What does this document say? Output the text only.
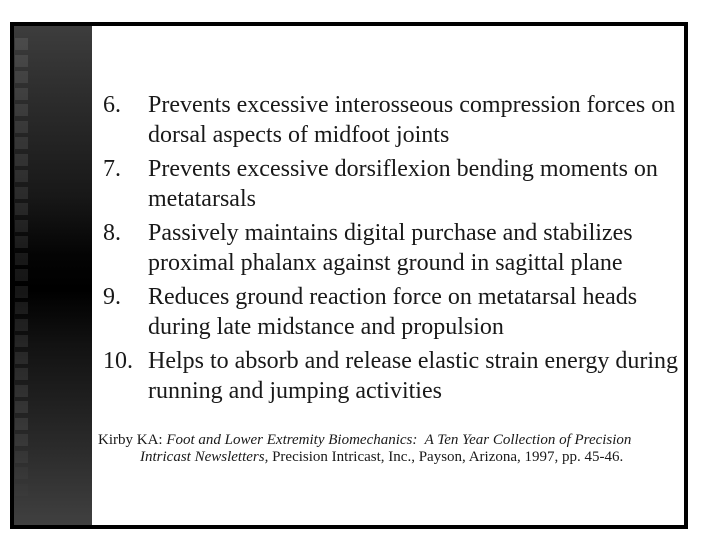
6.	Prevents excessive interosseous compression forces on dorsal aspects of midfoot joints
7.	Prevents excessive dorsiflexion bending moments on metatarsals
8.	Passively maintains digital purchase and stabilizes proximal phalanx against ground in sagittal plane
9.	Reduces ground reaction force on metatarsal heads during late midstance and propulsion
10. Helps to absorb and release elastic strain energy during running and jumping activities
Kirby KA: Foot and Lower Extremity Biomechanics:  A Ten Year Collection of Precision
Intricast Newsletters, Precision Intricast, Inc., Payson, Arizona, 1997, pp. 45-46.
